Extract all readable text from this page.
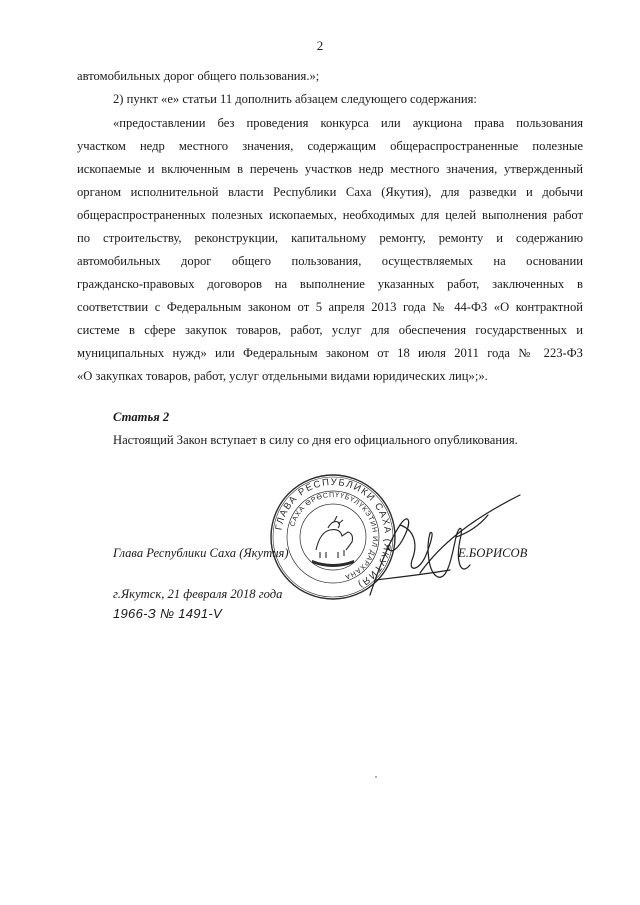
2
автомобильных дорог общего пользования.»;
2) пункт «е» статьи 11 дополнить абзацем следующего содержания:
«предоставлении без проведения конкурса или аукциона права пользования
участком недр местного значения, содержащим общераспространенные полезные
ископаемые и включенным в перечень участков недр местного значения, утвержденный
органом исполнительной власти Республики Саха (Якутия), для разведки и добычи
общераспространенных полезных ископаемых, необходимых для целей выполнения работ
по строительству, реконструкции, капитальному ремонту, ремонту и содержанию
автомобильных дорог общего пользования, осуществляемых на основании
гражданско-правовых договоров на выполнение указанных работ, заключенных в
соответствии с Федеральным законом от 5 апреля 2013 года № 44-ФЗ «О контрактной
системе в сфере закупок товаров, работ, услуг для обеспечения государственных и
муниципальных нужд» или Федеральным законом от 18 июля 2011 года № 223-ФЗ
«О закупках товаров, работ, услуг отдельными видами юридических лиц»;».
Статья 2
Настоящий Закон вступает в силу со дня его официального опубликования.
Глава Республики Саха (Якутия)	Е.БОРИСОВ
г.Якутск, 21 февраля 2018 года
1966-З № 1491-V
ГЛАВА РЕСПУБЛИКИ САХА (ЯКУТИЯ)
САХА ӨРӨСПҮҮБҮЛҮКЭТИН ИЛ ДАРХАНА
